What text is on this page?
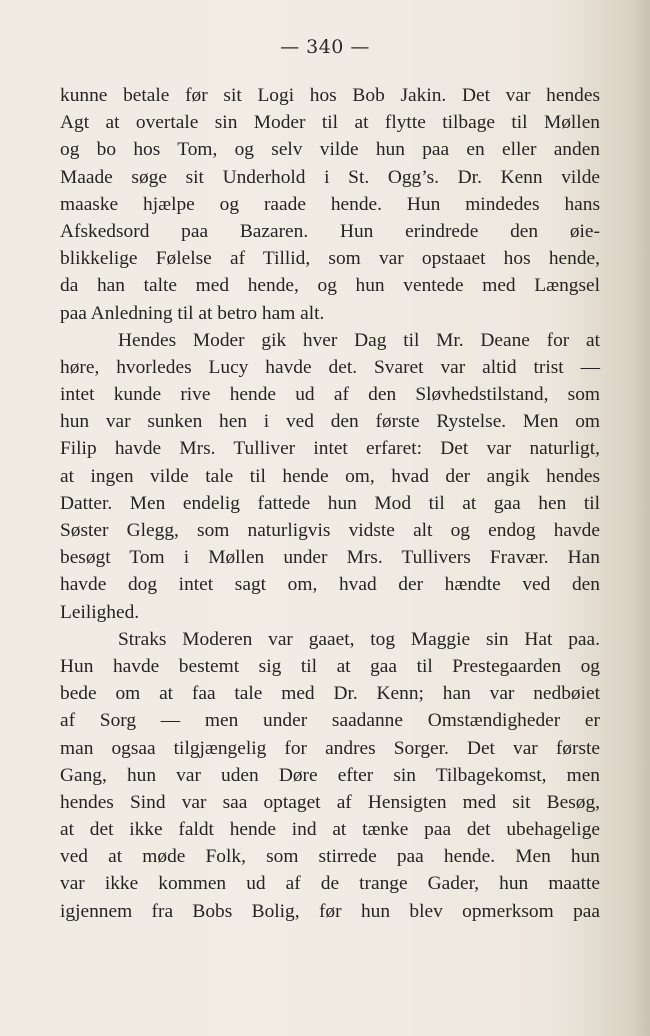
— 340 —
kunne betale før sit Logi hos Bob Jakin. Det var hendes
Agt at overtale sin Moder til at flytte tilbage til Møllen
og bo hos Tom, og selv vilde hun paa en eller anden
Maade søge sit Underhold i St. Ogg’s. Dr. Kenn vilde
maaske hjælpe og raade hende. Hun mindedes hans
Afskedsord paa Bazaren. Hun erindrede den øie-
blikkelige Følelse af Tillid, som var opstaaet hos hende,
da han talte med hende, og hun ventede med Længsel
paa Anledning til at betro ham alt.
Hendes Moder gik hver Dag til Mr. Deane for at
høre, hvorledes Lucy havde det. Svaret var altid trist —
intet kunde rive hende ud af den Sløvhedstilstand, som
hun var sunken hen i ved den første Rystelse. Men om
Filip havde Mrs. Tulliver intet erfaret: Det var naturligt,
at ingen vilde tale til hende om, hvad der angik hendes
Datter. Men endelig fattede hun Mod til at gaa hen til
Søster Glegg, som naturligvis vidste alt og endog havde
besøgt Tom i Møllen under Mrs. Tullivers Fravær. Han
havde dog intet sagt om, hvad der hændte ved den
Leilighed.
Straks Moderen var gaaet, tog Maggie sin Hat paa.
Hun havde bestemt sig til at gaa til Prestegaarden og
bede om at faa tale med Dr. Kenn; han var nedbøiet
af Sorg — men under saadanne Omstændigheder er
man ogsaa tilgjængelig for andres Sorger. Det var første
Gang, hun var uden Døre efter sin Tilbagekomst, men
hendes Sind var saa optaget af Hensigten med sit Besøg,
at det ikke faldt hende ind at tænke paa det ubehagelige
ved at møde Folk, som stirrede paa hende. Men hun
var ikke kommen ud af de trange Gader, hun maatte
igjennem fra Bobs Bolig, før hun blev opmerksom paa
